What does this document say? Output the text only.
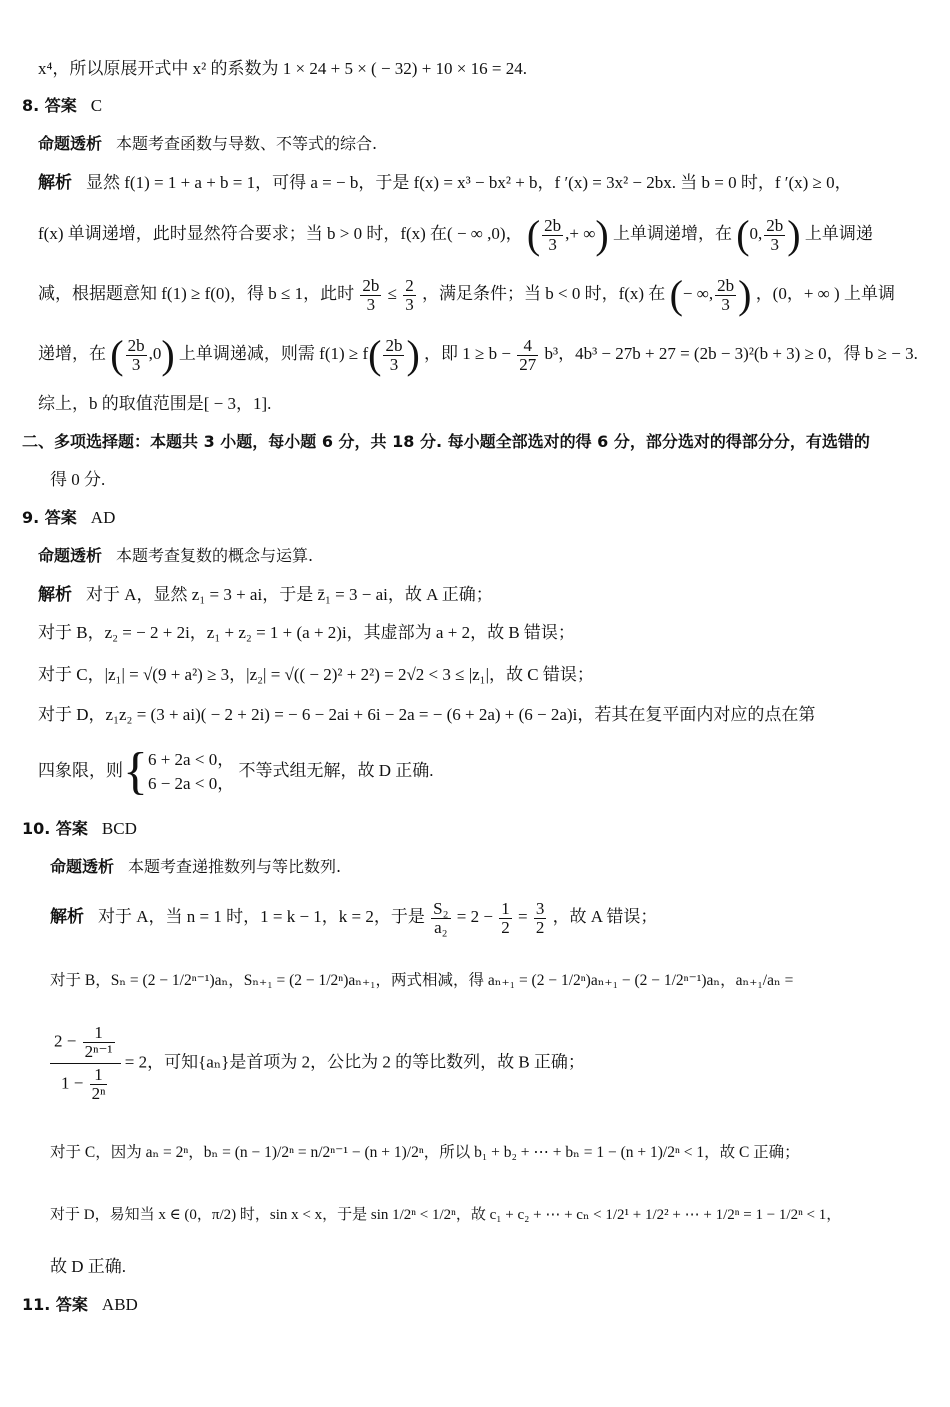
x⁴，所以原展开式中 x² 的系数为 1 × 24 + 5 × ( − 32) + 10 × 16 = 24.
8. 答案 C
命题透析 本题考查函数与导数、不等式的综合.
解析 显然 f(1) = 1 + a + b = 1，可得 a = − b，于是 f(x) = x³ − bx² + b，f ′(x) = 3x² − 2bx. 当 b = 0 时，f ′(x) ≥ 0，
f(x) 单调递增，此时显然符合要求；当 b > 0 时，f(x) 在( − ∞ ,0)， ( $\frac{2b}{3}$ ,+ ∞) 上单调递增，在 (0, $\frac{2b}{3}$ ) 上单调递
减，根据题意知 f(1) ≥ f(0)，得 b ≤ 1，此时 $\frac{2b}{3} \le \frac{2}{3}$ ，满足条件；当 b < 0 时，f(x) 在 (− ∞, $\frac{2b}{3}$ ) ，(0，+ ∞ ) 上单调
递增，在 ( $\frac{2b}{3} ,0$) 上单调递减，则需 $f(1) \ge f( \frac{2b}{3}$ ) ，即 $1 \ge b - \frac{4}{27} b^3$，4b³ − 27b + 27 = (2b − 3)²(b + 3) ≥ 0，得 b ≥ − 3.
综上，b 的取值范围是[ − 3，1].
二、多项选择题：本题共 3 小题，每小题 6 分，共 18 分. 每小题全部选对的得 6 分，部分选对的得部分分，有选错的
得 0 分.
9. 答案 AD
命题透析 本题考查复数的概念与运算.
解析 对于 A，显然 z₁ = 3 + ai，于是 z̄₁ = 3 − ai，故 A 正确；
对于 B，z₂ = − 2 + 2i，z₁ + z₂ = 1 + (a + 2)i，其虚部为 a + 2，故 B 错误；
对于 C，|z₁| = √(9 + a²) ≥ 3，|z₂| = √(( − 2)² + 2²) = 2√2 < 3 ≤ |z₁|，故 C 错误；
对于 D，z₁z₂ = (3 + ai)( − 2 + 2i) = − 6 − 2ai + 6i − 2a = − (6 + 2a) + (6 − 2a)i，若其在复平面内对应的点在第
四象限，则{ 6 + 2a < 0，
6 − 2a < 0，
不等式组无解，故 D 正确.
10. 答案 BCD
命题透析 本题考查递推数列与等比数列.
解析 对于 A，当 n = 1 时，1 = k − 1，k = 2，于是 $\frac{\text{S₂}}{\text{a₂}} = 2 - \frac{1}{2} = \frac{3}{2}$ ，故 A 错误；
对于 B，Sₙ = (2 − 1/2ⁿ⁻¹)aₙ，Sₙ₊₁ = (2 − 1/2ⁿ)aₙ₊₁，两式相减，得 aₙ₊₁ = (2 − 1/2ⁿ)aₙ₊₁ − (2 − 1/2ⁿ⁻¹)aₙ，aₙ₊₁/aₙ =
$\frac{2 - \frac{1}{\text{2ⁿ⁻¹}}}{1 - \frac{1}{\text{2ⁿ}}} = 2$，可知{aₙ}是首项为 2，公比为 2 的等比数列，故 B 正确；
对于 C，因为 aₙ = 2ⁿ，bₙ = (n − 1)/2ⁿ = n/2ⁿ⁻¹ − (n + 1)/2ⁿ，所以 b₁ + b₂ + ⋯ + bₙ = 1 − (n + 1)/2ⁿ < 1，故 C 正确；
对于 D，易知当 x ∈ (0，π/2) 时，sin x < x，于是 sin 1/2ⁿ < 1/2ⁿ，故 c₁ + c₂ + ⋯ + cₙ < 1/2¹ + 1/2² + ⋯ + 1/2ⁿ = 1 − 1/2ⁿ < 1，
故 D 正确.
11. 答案 ABD
